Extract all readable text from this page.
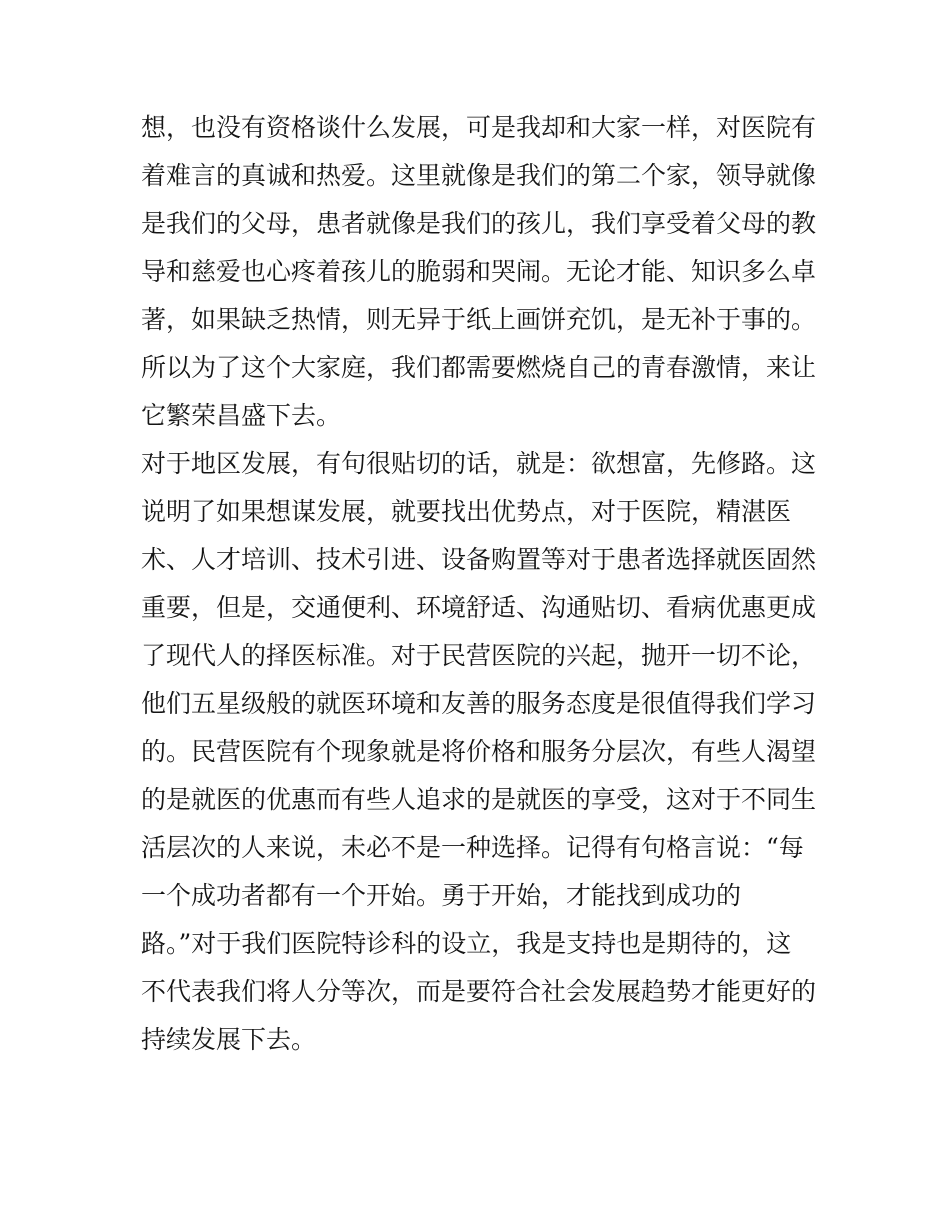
想，也没有资格谈什么发展，可是我却和大家一样，对医院有
着难言的真诚和热爱。这里就像是我们的第二个家，领导就像
是我们的父母，患者就像是我们的孩儿，我们享受着父母的教
导和慈爱也心疼着孩儿的脆弱和哭闹。无论才能、知识多么卓
著，如果缺乏热情，则无异于纸上画饼充饥，是无补于事的。
所以为了这个大家庭，我们都需要燃烧自己的青春激情，来让
它繁荣昌盛下去。
对于地区发展，有句很贴切的话，就是：欲想富，先修路。这
说明了如果想谋发展，就要找出优势点，对于医院，精湛医
术、人才培训、技术引进、设备购置等对于患者选择就医固然
重要，但是，交通便利、环境舒适、沟通贴切、看病优惠更成
了现代人的择医标准。对于民营医院的兴起，抛开一切不论，
他们五星级般的就医环境和友善的服务态度是很值得我们学习
的。民营医院有个现象就是将价格和服务分层次，有些人渴望
的是就医的优惠而有些人追求的是就医的享受，这对于不同生
活层次的人来说，未必不是一种选择。记得有句格言说：“每
一个成功者都有一个开始。勇于开始，才能找到成功的
路。”对于我们医院特诊科的设立，我是支持也是期待的，这
不代表我们将人分等次，而是要符合社会发展趋势才能更好的
持续发展下去。
